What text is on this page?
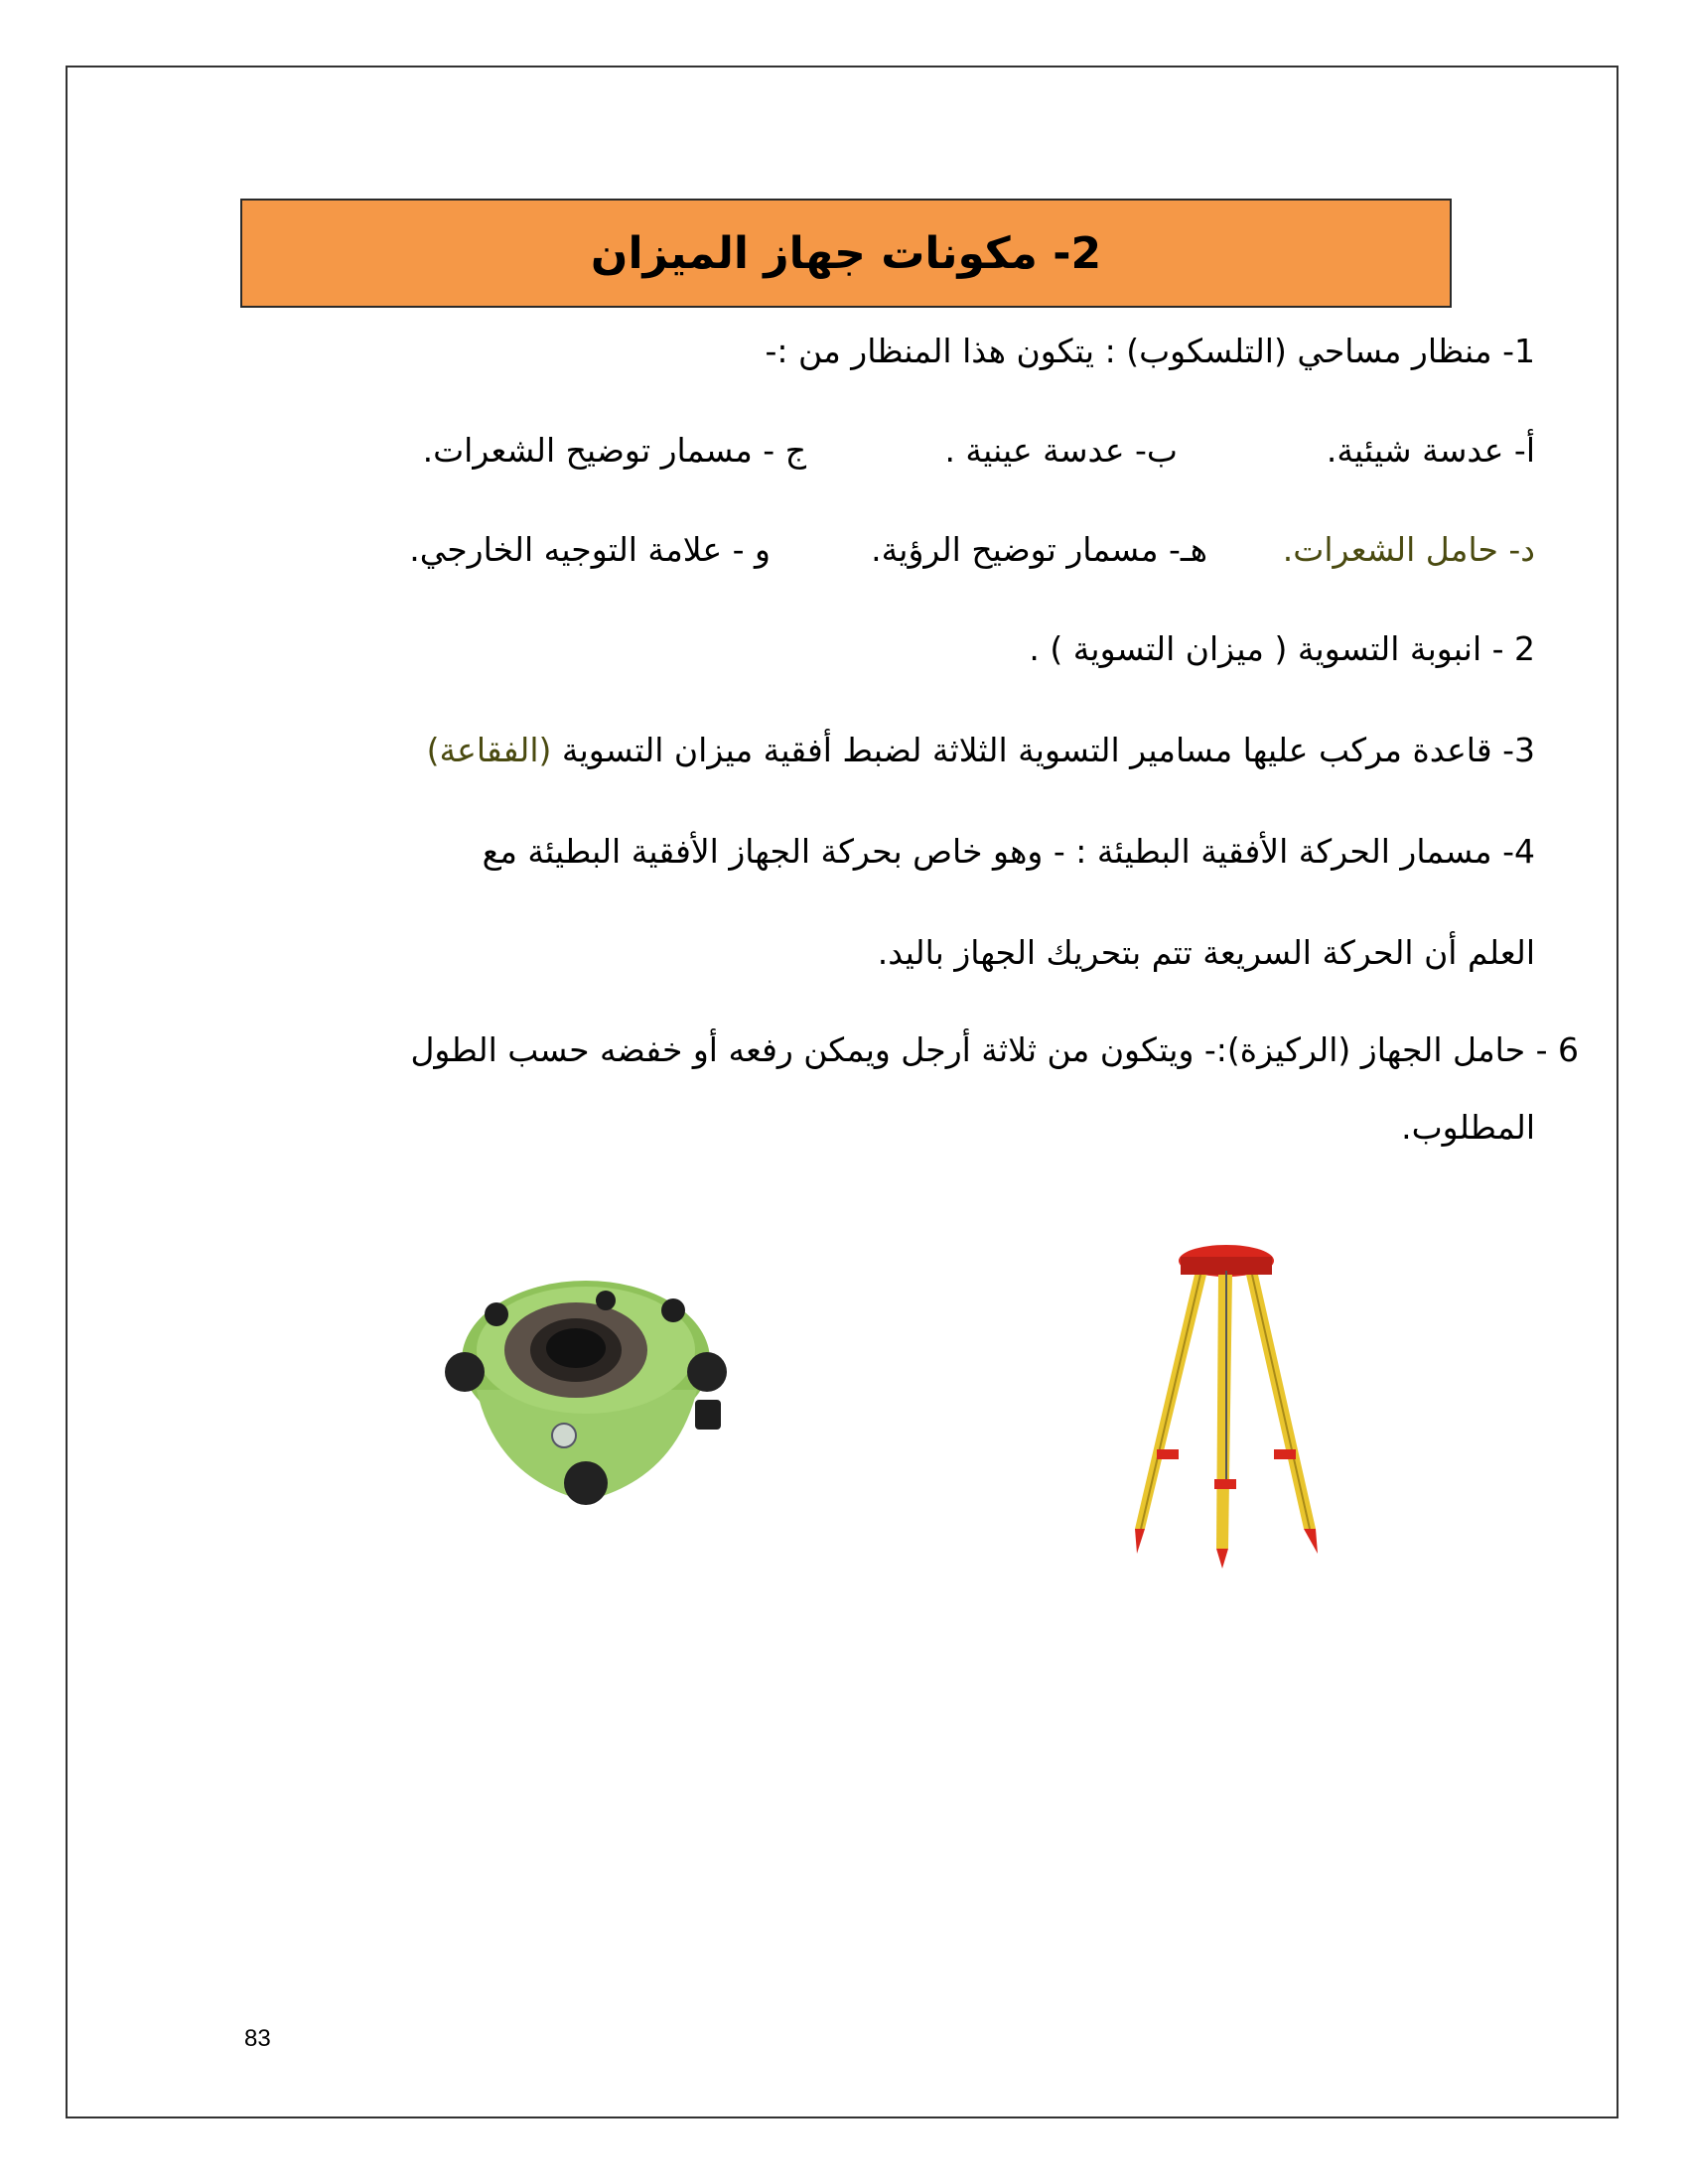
2- مكونات جهاز الميزان
1- منظار مساحي (التلسكوب) : يتكون هذا المنظار من :-
أ- عدسة شيئية.
ب- عدسة عينية .
ج - مسمار توضيح الشعرات.
د- حامل الشعرات.
هـ- مسمار توضيح الرؤية.
و - علامة التوجيه الخارجي.
2 - انبوبة التسوية ( ميزان التسوية ) .
3- قاعدة مركب عليها مسامير التسوية الثلاثة لضبط أفقية ميزان التسوية (الفقاعة)
4- مسمار الحركة الأفقية البطيئة : - وهو خاص بحركة الجهاز الأفقية البطيئة مع
العلم أن الحركة السريعة تتم بتحريك الجهاز باليد.
6 - حامل الجهاز (الركيزة):- ويتكون من ثلاثة أرجل ويمكن رفعه أو خفضه حسب الطول
المطلوب.
83
